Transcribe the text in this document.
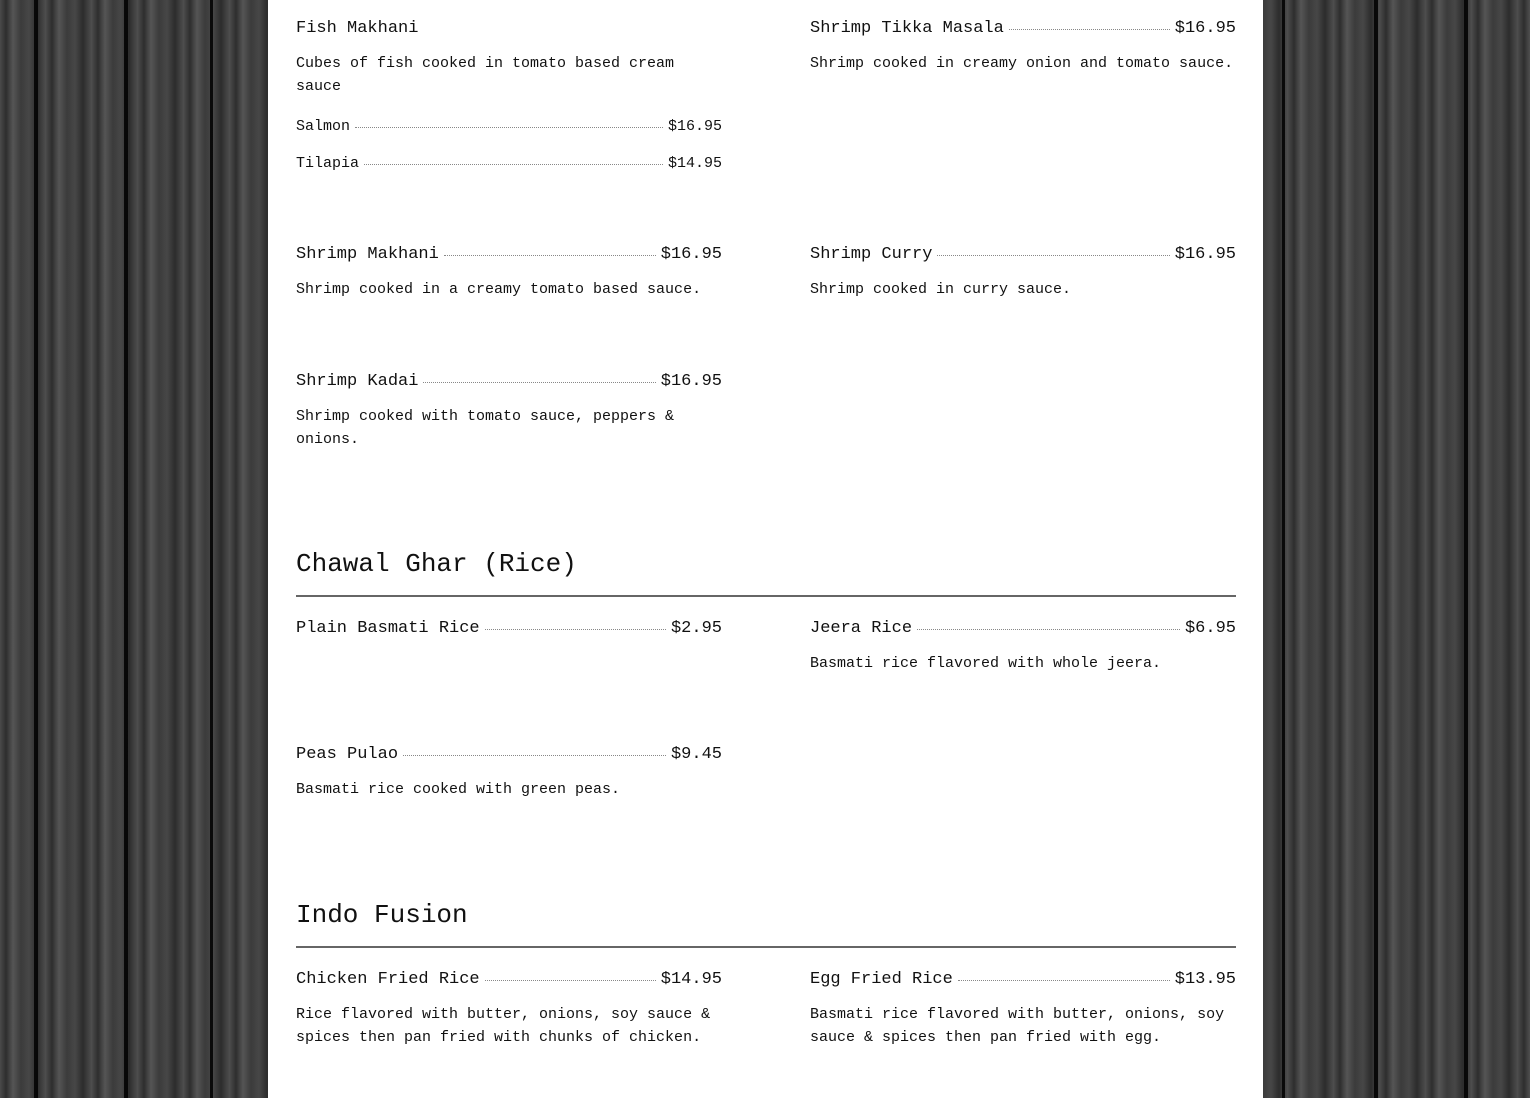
Fish Makhani
Cubes of fish cooked in tomato based cream sauce
Salmon	$16.95
Tilapia	$14.95
Shrimp Tikka Masala	$16.95
Shrimp cooked in creamy onion and tomato sauce.
Shrimp Makhani	$16.95
Shrimp cooked in a creamy tomato based sauce.
Shrimp Curry	$16.95
Shrimp cooked in curry sauce.
Shrimp Kadai	$16.95
Shrimp cooked with tomato sauce, peppers & onions.
Chawal Ghar (Rice)
Plain Basmati Rice	$2.95	Jeera Rice	$6.95
Basmati rice flavored with whole jeera.
Peas Pulao	$9.45
Basmati rice cooked with green peas.
Indo Fusion
Chicken Fried Rice	$14.95
Rice flavored with butter, onions, soy sauce & spices then pan fried with chunks of chicken.
Egg Fried Rice	$13.95
Basmati rice flavored with butter, onions, soy sauce & spices then pan fried with egg.
